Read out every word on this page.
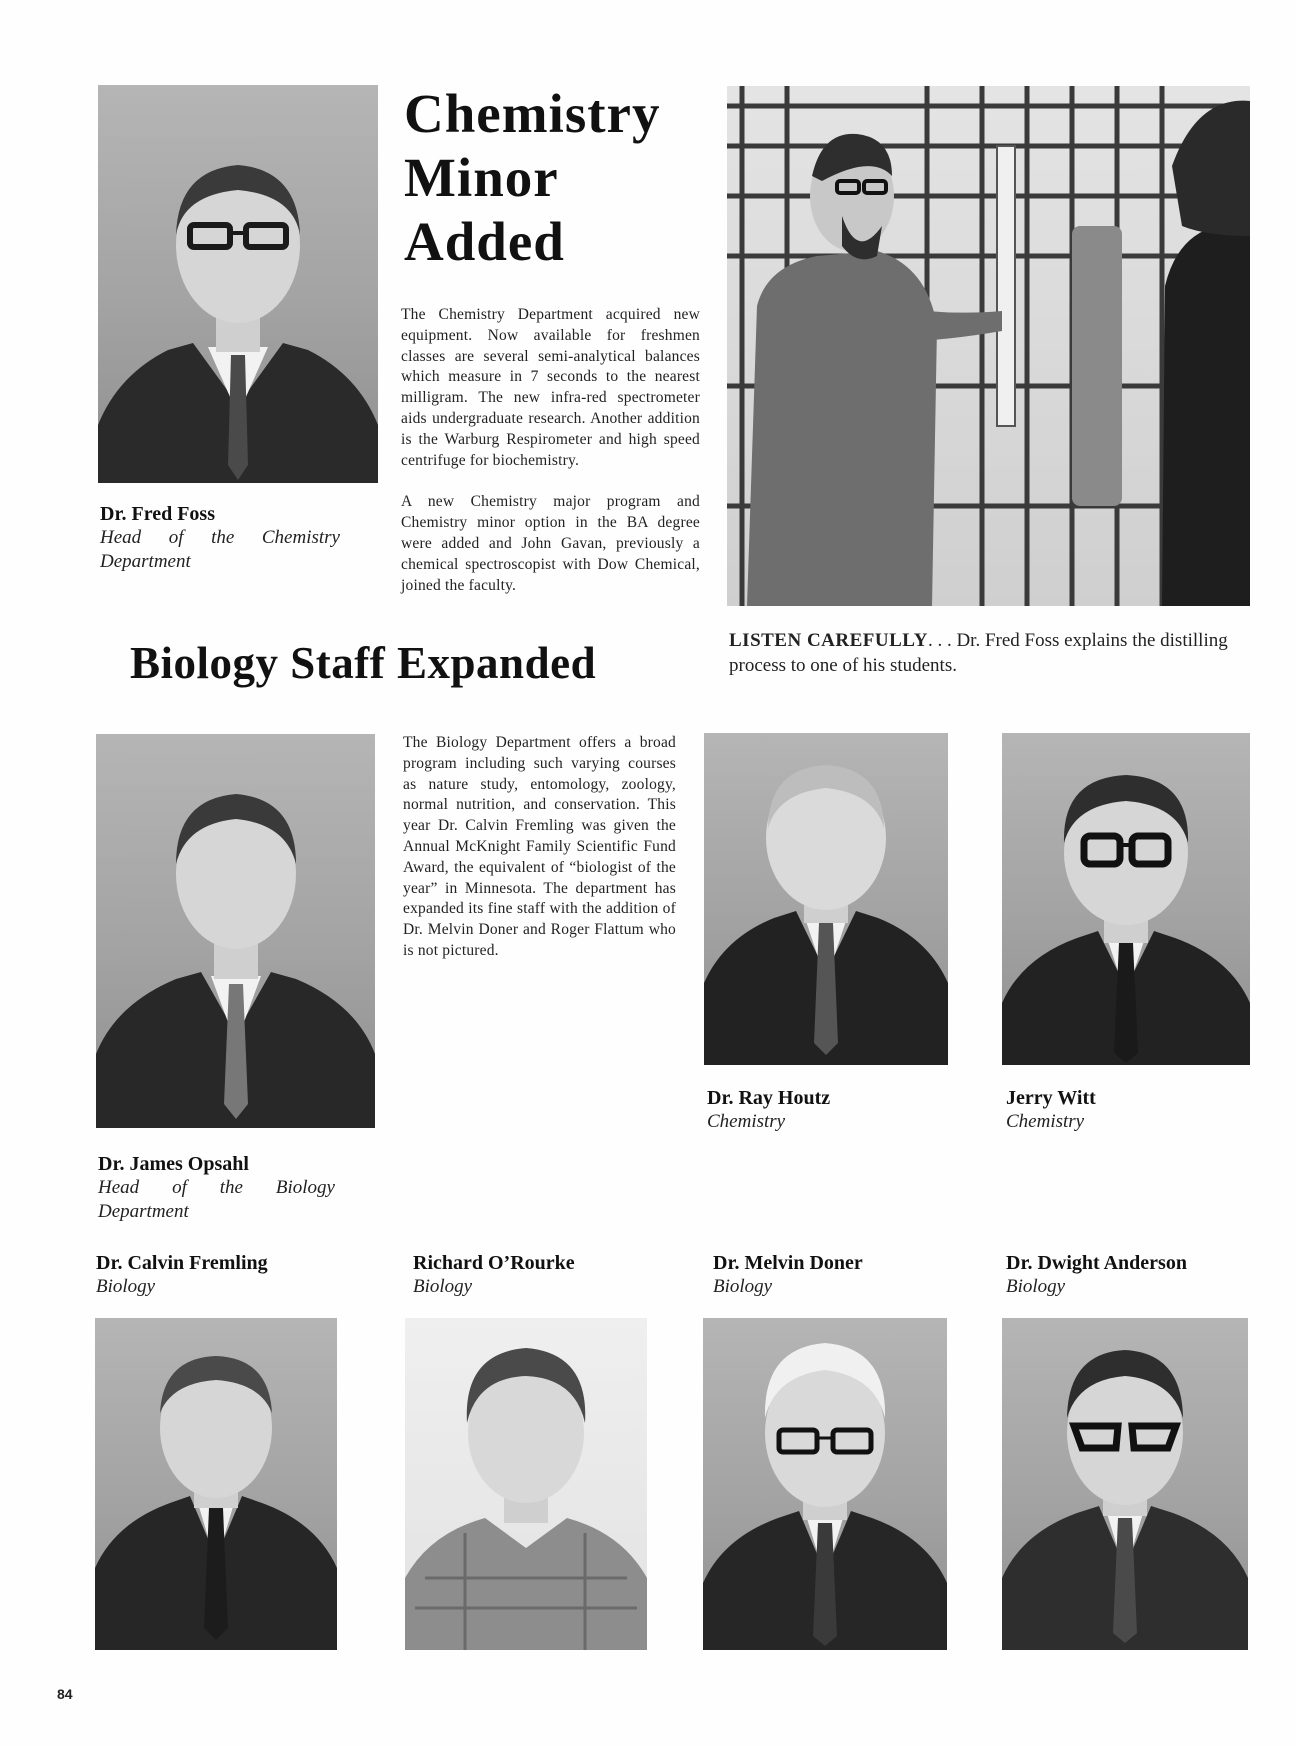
Dr. Fred Foss
Head of the Chemistry Department
Chemistry
Minor
Added

The Chemistry Department acquired new equipment. Now available for freshmen classes are several semi-analytical balances which measure in 7 seconds to the nearest milligram. The new infra-red spectrometer aids undergraduate research. Another addition is the Warburg Respirometer and high speed centrifuge for biochemistry.

A new Chemistry major program and Chemistry minor option in the BA degree were added and John Gavan, previously a chemical spectroscopist with Dow Chemical, joined the faculty.

LISTEN CAREFULLY. . . Dr. Fred Foss explains the distilling process to one of his students.
Biology Staff Expanded
Dr. James Opsahl
Head of the Biology Department

The Biology Department offers a broad program including such varying courses as nature study, entomology, zoology, normal nutrition, and conservation. This year Dr. Calvin Fremling was given the Annual McKnight Family Scientific Fund Award, the equivalent of “biologist of the year” in Minnesota. The department has expanded its fine staff with the addition of Dr. Melvin Doner and Roger Flattum who is not pictured.

Dr. Ray Houtz
Chemistry
Jerry Witt
Chemistry
Dr. Calvin Fremling
Biology
Richard O’Rourke
Biology
Dr. Melvin Doner
Biology
Dr. Dwight Anderson
Biology
84
